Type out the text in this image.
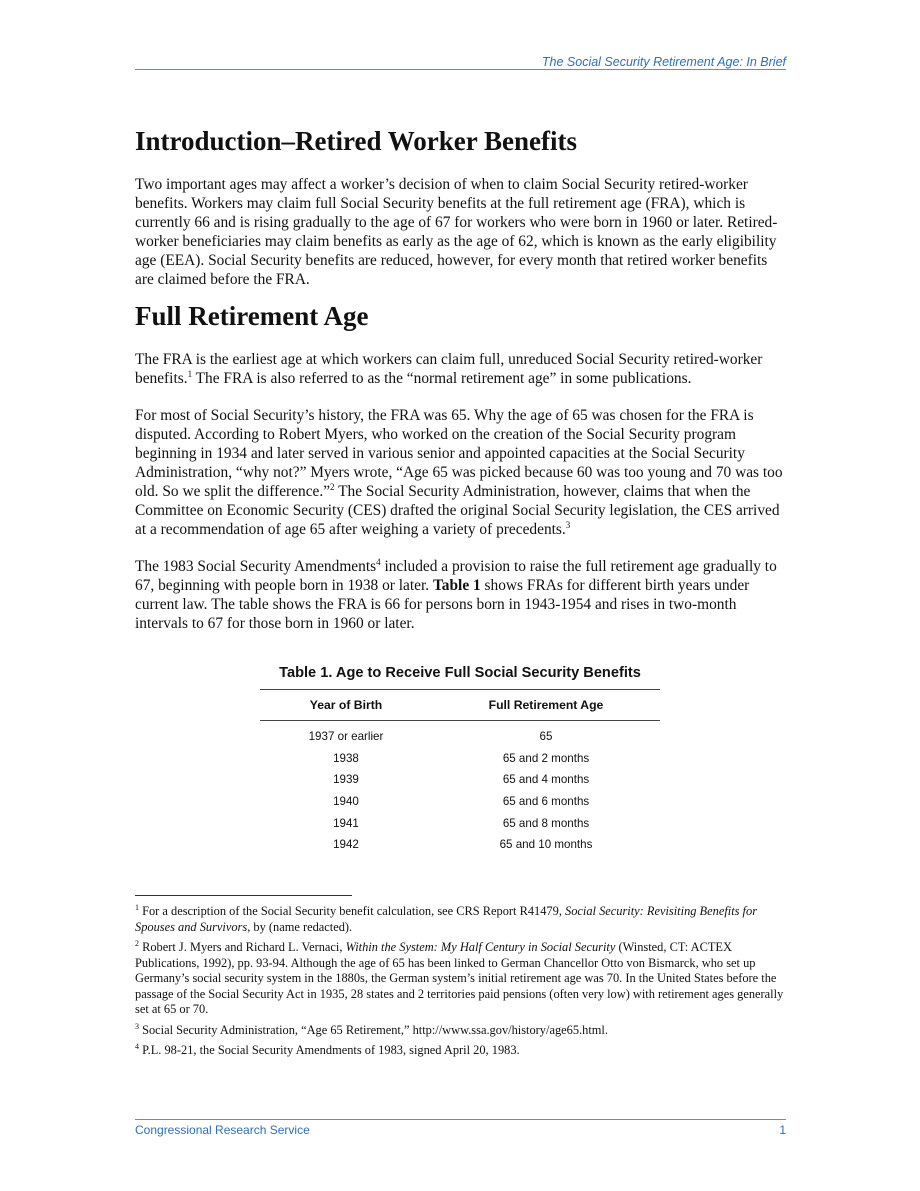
The Social Security Retirement Age: In Brief
Introduction–Retired Worker Benefits

Two important ages may affect a worker’s decision of when to claim Social Security retired-worker benefits. Workers may claim full Social Security benefits at the full retirement age (FRA), which is currently 66 and is rising gradually to the age of 67 for workers who were born in 1960 or later. Retired-worker beneficiaries may claim benefits as early as the age of 62, which is known as the early eligibility age (EEA). Social Security benefits are reduced, however, for every month that retired worker benefits are claimed before the FRA.

Full Retirement Age

The FRA is the earliest age at which workers can claim full, unreduced Social Security retired-worker benefits.$^1$ The FRA is also referred to as the “normal retirement age” in some publications.

For most of Social Security’s history, the FRA was 65. Why the age of 65 was chosen for the FRA is disputed. According to Robert Myers, who worked on the creation of the Social Security program beginning in 1934 and later served in various senior and appointed capacities at the Social Security Administration, “why not?” Myers wrote, “Age 65 was picked because 60 was too young and 70 was too old. So we split the difference.”$^2$ The Social Security Administration, however, claims that when the Committee on Economic Security (CES) drafted the original Social Security legislation, the CES arrived at a recommendation of age 65 after weighing a variety of precedents.$^3$

The 1983 Social Security Amendments$^4$ included a provision to raise the full retirement age gradually to 67, beginning with people born in 1938 or later. Table 1 shows FRAs for different birth years under current law. The table shows the FRA is 66 for persons born in 1943-1954 and rises in two-month intervals to 67 for those born in 1960 or later.

Table 1. Age to Receive Full Social Security Benefits
Year of Birth	Full Retirement Age
1937 or earlier	65
1938	65 and 2 months
1939	65 and 4 months
1940	65 and 6 months
1941	65 and 8 months
1942	65 and 10 months
$^1$ For a description of the Social Security benefit calculation, see CRS Report R41479, Social Security: Revisiting Benefits for Spouses and Survivors, by (name redacted).
$^2$ Robert J. Myers and Richard L. Vernaci, Within the System: My Half Century in Social Security (Winsted, CT: ACTEX Publications, 1992), pp. 93-94. Although the age of 65 has been linked to German Chancellor Otto von Bismarck, who set up Germany’s social security system in the 1880s, the German system’s initial retirement age was 70. In the United States before the passage of the Social Security Act in 1935, 28 states and 2 territories paid pensions (often very low) with retirement ages generally set at 65 or 70.
$^3$ Social Security Administration, “Age 65 Retirement,” http://www.ssa.gov/history/age65.html.
$^4$ P.L. 98-21, the Social Security Amendments of 1983, signed April 20, 1983.
Congressional Research Service	1
